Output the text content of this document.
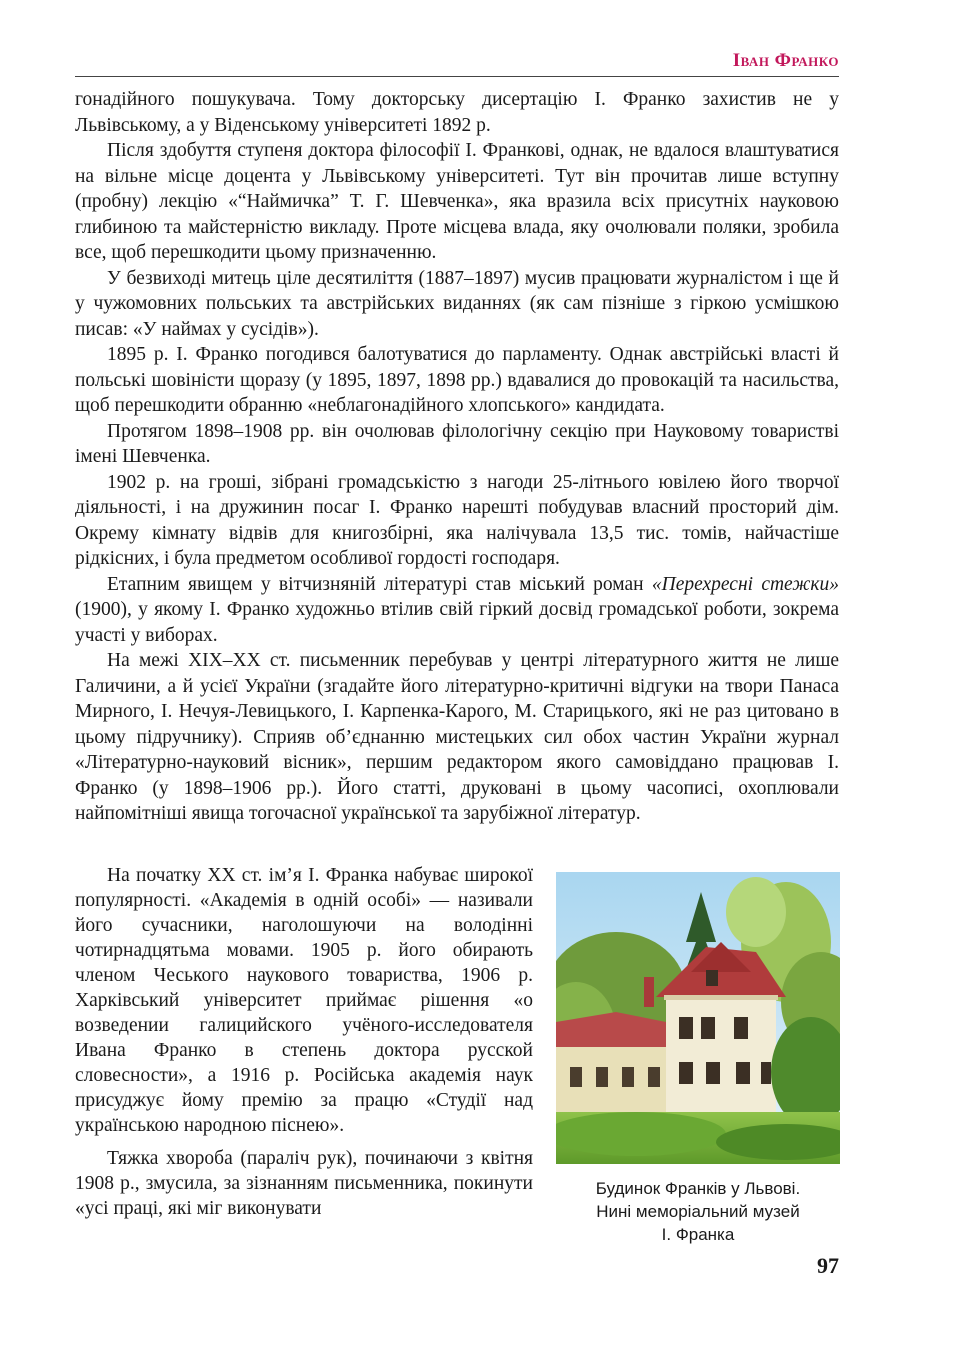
Іван Франко

гонадійного пошукувача. Тому докторську дисертацію І. Франко захистив не у Львівському, а у Віденському університеті 1892 р.

Після здобуття ступеня доктора філософії І. Франкові, однак, не вдалося влаштуватися на вільне місце доцента у Львівському університеті. Тут він прочитав лише вступну (пробну) лекцію «“Наймичка” Т. Г. Шевченка», яка вразила всіх присутніх науковою глибиною та майстерністю викладу. Проте місцева влада, яку очолювали поляки, зробила все, щоб перешкодити цьому призначенню.

У безвиході митець ціле десятиліття (1887–1897) мусив працювати журналістом і ще й у чужомовних польських та австрійських виданнях (як сам пізніше з гіркою усмішкою писав: «У наймах у сусідів»).

1895 р. І. Франко погодився балотуватися до парламенту. Однак австрійські власті й польські шовіністи щоразу (у 1895, 1897, 1898 рр.) вдавалися до провокацій та насильства, щоб перешкодити обранню «неблагонадійного хлопського» кандидата.

Протягом 1898–1908 рр. він очолював філологічну секцію при Науковому товаристві імені Шевченка.

1902 р. на гроші, зібрані громадськістю з нагоди 25-літнього ювілею його творчої діяльності, і на дружинин посаг І. Франко нарешті побудував власний просторий дім. Окрему кімнату відвів для книгозбірні, яка налічувала 13,5 тис. томів, найчастіше рідкісних, і була предметом особливої гордості господаря.

Етапним явищем у вітчизняній літературі став міський роман «Перехресні стежки» (1900), у якому І. Франко художньо втілив свій гіркий досвід громадської роботи, зокрема участі у виборах.

На межі XIX–XX ст. письменник перебував у центрі літературного життя не лише Галичини, а й усієї України (згадайте його літературно-критичні відгуки на твори Панаса Мирного, І. Нечуя-Левицького, І. Карпенка-Карого, М. Старицького, які не раз цитовано в цьому підручнику). Сприяв об’єднанню мистецьких сил обох частин України журнал «Літературно-науковий вісник», першим редактором якого самовіддано працював І. Франко (у 1898–1906 рр.). Його статті, друковані в цьому часописі, охоплювали найпомітніші явища тогочасної української та зарубіжної літератур.

На початку XX ст. ім’я І. Франка набуває широкої популярності. «Академія в одній особі» — називали його сучасники, наголошуючи на володінні чотирнадцятьма мовами. 1905 р. його обирають членом Чеського наукового товариства, 1906 р. Харківський університет приймає рішення «о возведении галицийского учёного-исследователя Ивана Франко в степень доктора русской словесности», а 1916 р. Російська академія наук присуджує йому премію за працю «Студії над українською народною піснею».

Тяжка хвороба (параліч рук), починаючи з квітня 1908 р., змусила, за зізнанням письменника, покинути «усі праці, які міг виконувати

Будинок Франків у Львові.
Нині меморіальний музей
І. Франка
97
